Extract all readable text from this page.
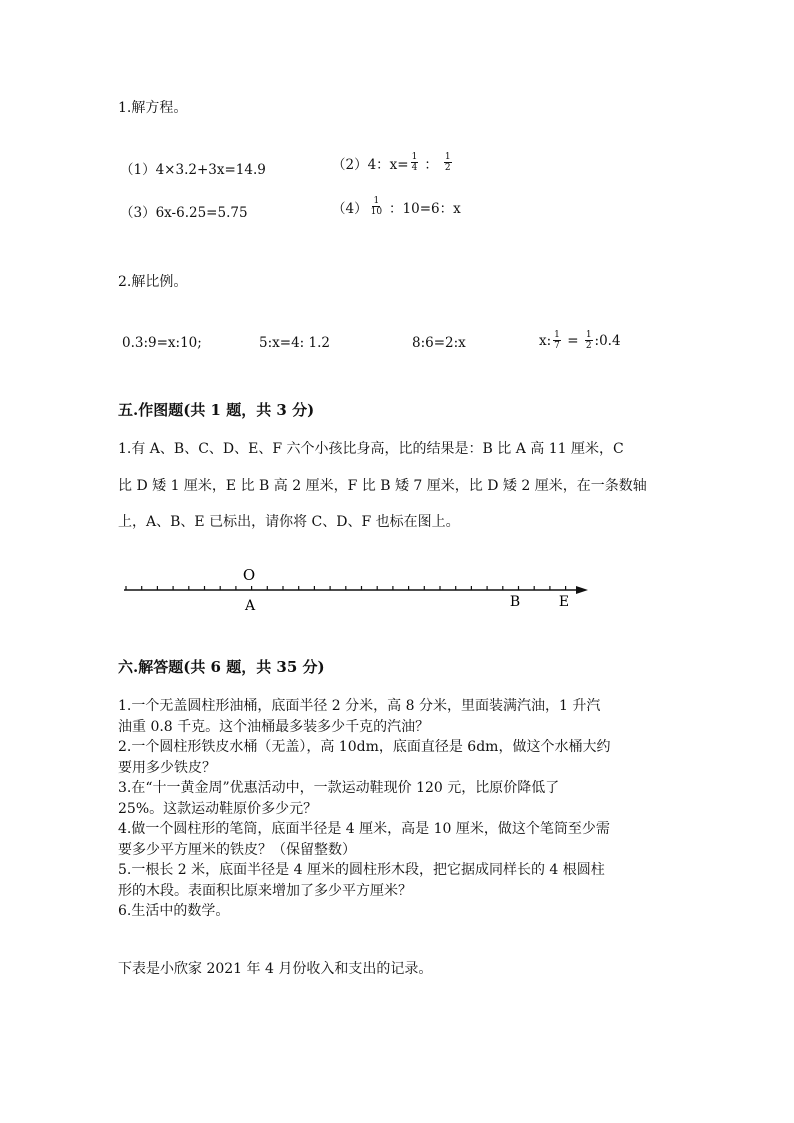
1.解方程。
（1）4×3.2+3x=14.9	（2）4：$x= \frac{1}{4}$ ： $\frac{1}{2}$
（3）6x-6.25=5.75	$(4) \frac{1}{10}$ ：10=6：x
2.解比例。
0.3:9=x:10;	5:x=4: 1.2	8:6=2:x	x: $\frac{1}{7} = \frac{1}{2}$ :0.4
五.作图题(共 1 题，共 3 分)
1.有 A、B、C、D、E、F 六个小孩比身高，比的结果是：B 比 A 高 11 厘米，C
比 D 矮 1 厘米，E 比 B 高 2 厘米，F 比 B 矮 7 厘米，比 D 矮 2 厘米，在一条数轴
上，A、B、E 已标出，请你将 C、D、F 也标在图上。
O
A	B	E
六.解答题(共 6 题，共 35 分)
1.一个无盖圆柱形油桶，底面半径 2 分米，高 8 分米，里面装满汽油，1 升汽
油重 0.8 千克。这个油桶最多装多少千克的汽油？
2.一个圆柱形铁皮水桶（无盖），高 10dm，底面直径是 6dm，做这个水桶大约
要用多少铁皮？
3.在“十一黄金周”优惠活动中，一款运动鞋现价 120 元，比原价降低了
25%。这款运动鞋原价多少元？
4.做一个圆柱形的笔筒，底面半径是 4 厘米，高是 10 厘米，做这个笔筒至少需
要多少平方厘米的铁皮？（保留整数）
5.一根长 2 米，底面半径是 4 厘米的圆柱形木段，把它据成同样长的 4 根圆柱
形的木段。表面积比原来增加了多少平方厘米？
6.生活中的数学。
下表是小欣家 2021 年 4 月份收入和支出的记录。
